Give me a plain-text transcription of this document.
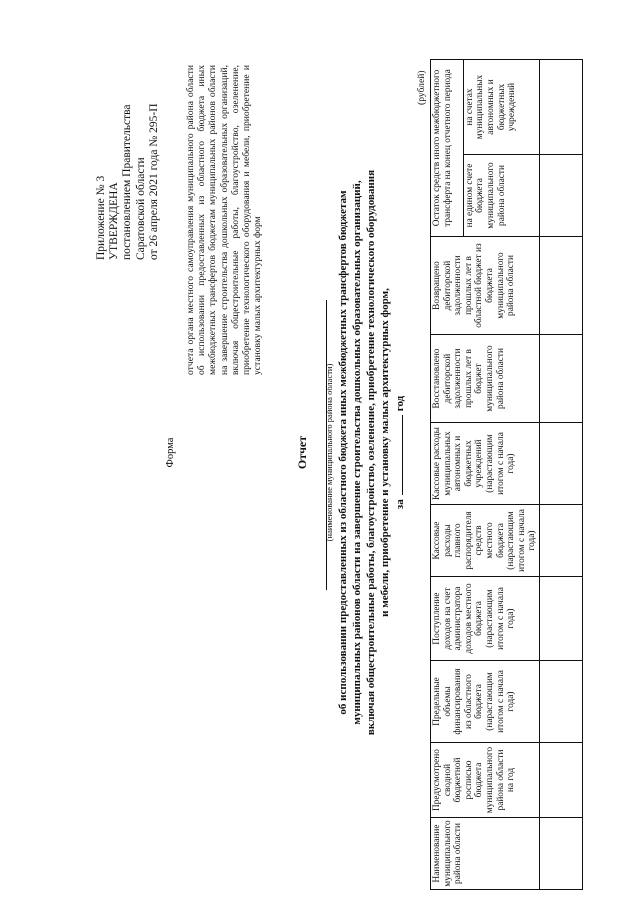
Приложение № 3 УТВЕРЖДЕНА постановлением Правительства Саратовской области от 26 апреля 2021 года № 295-П
Форма
отчета органа местного самоуправления муниципального района области об использовании предоставленных из областного бюджета иных межбюджетных трансфертов бюджетам муниципальных районов области на завершение строительства дошкольных образовательных организаций, включая общестроительные работы, благоустройство, озеленение, приобретение технологического оборудования и мебели, приобретение и установку малых архитектурных форм
Отчет (наименование муниципального района области) об использовании предоставленных из областного бюджета иных межбюджетных трансфертов бюджетам муниципальных районов области на завершение строительства дошкольных образовательных организаций, включая общестроительные работы, благоустройство, озеленение, приобретение технологического оборудования и мебели, приобретение и установку малых архитектурных форм, загод
(рублей)
Наименование муниципального района области	Предусмотрено сводной бюджетной росписью бюджета муниципального района области на год	Предельные объемы финансирования из областного бюджета (нарастающим итогом с начала года)	Поступление доходов на счет администратора доходов местного бюджета (нарастающим итогом с начала года)	Кассовые расходы главного распорядителя средств местного бюджета (нарастающим итогом с начала года)	Кассовые расходы муниципальных автономных и бюджетных учреждений (нарастающим итогом с начала года)	Восстановлено дебиторской задолженности прошлых лет в бюджет муниципального района области	Возвращено дебиторской задолженности прошлых лет в областной бюджет из бюджета муниципального района области	Остаток средств иного межбюджетного трансферта на конец отчетного периода	
								на едином счете бюджета муниципального района области	на счетах муниципальных автономных и бюджетных учреждений
